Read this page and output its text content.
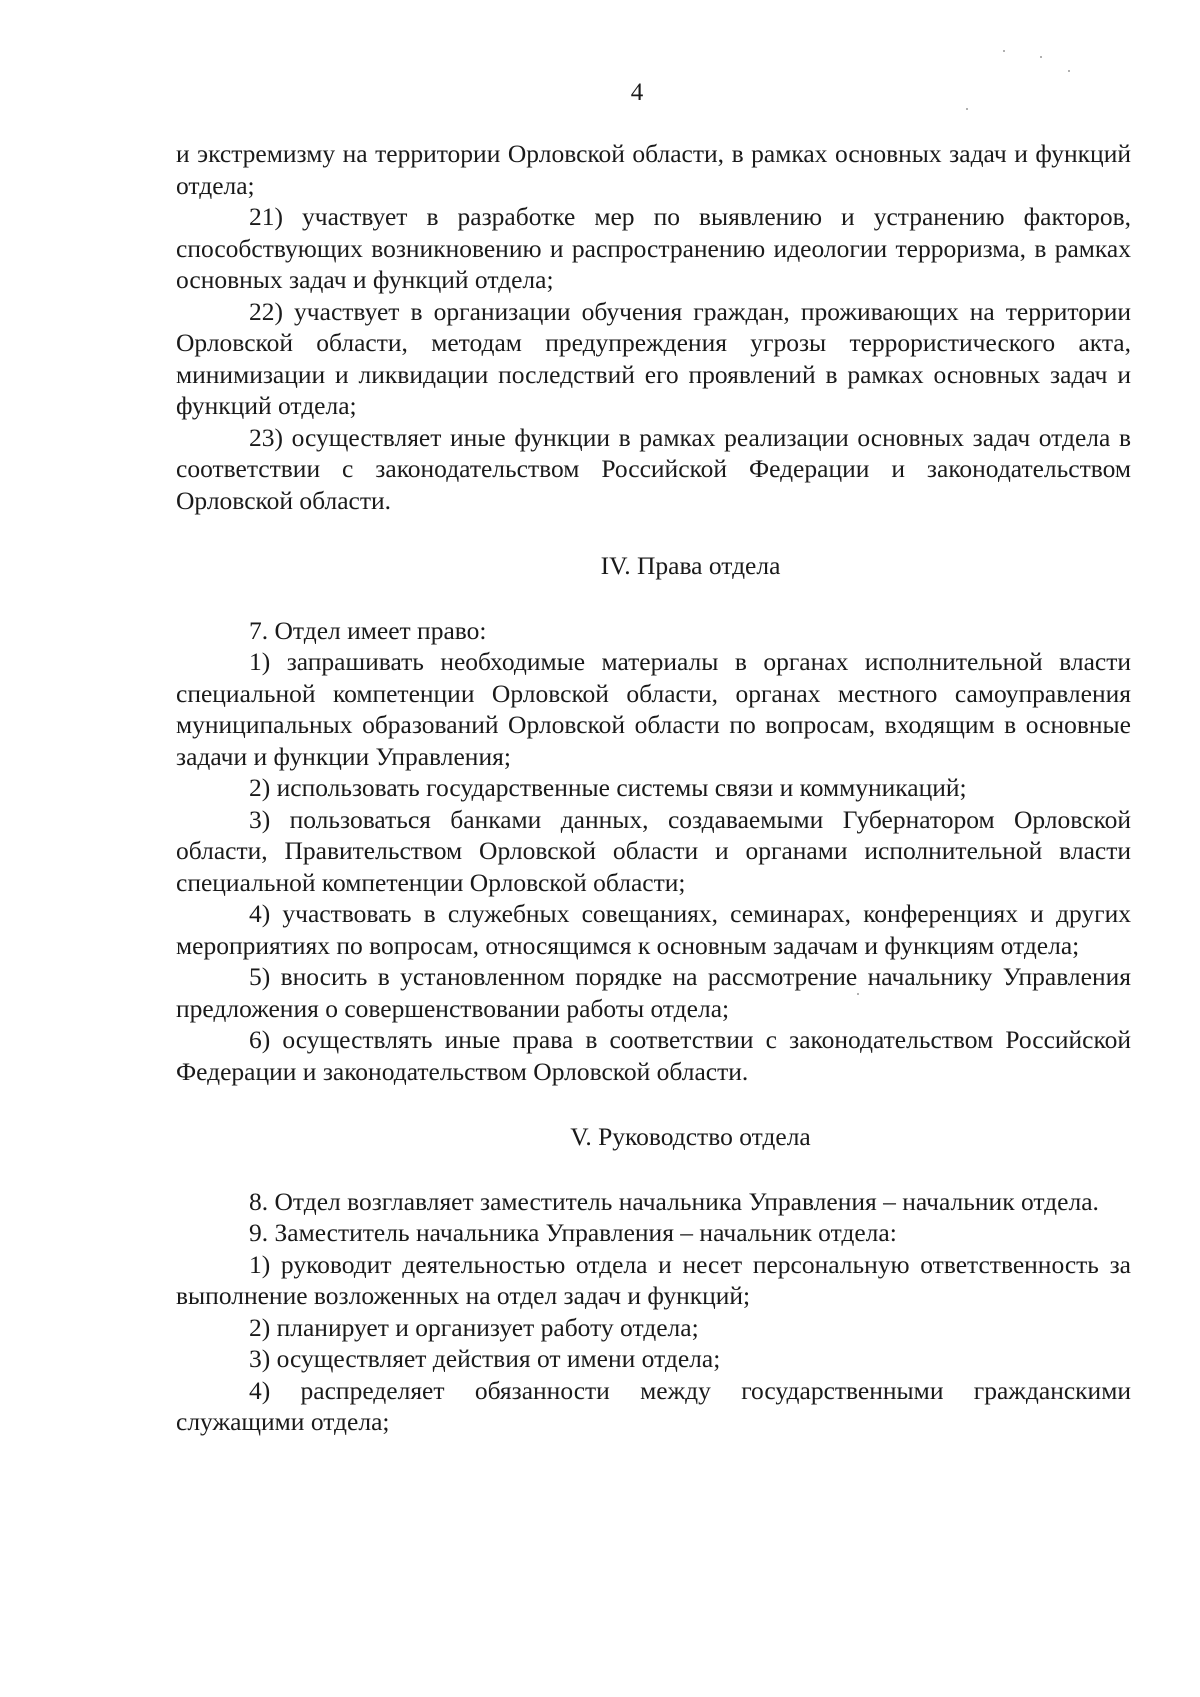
4

и экстремизму на территории Орловской области, в рамках основных задач и функций отдела;

21) участвует в разработке мер по выявлению и устранению факторов, способствующих возникновению и распространению идеологии терроризма, в рамках основных задач и функций отдела;

22) участвует в организации обучения граждан, проживающих на территории Орловской области, методам предупреждения угрозы террористического акта, минимизации и ликвидации последствий его проявлений в рамках основных задач и функций отдела;

23) осуществляет иные функции в рамках реализации основных задач отдела в соответствии с законодательством Российской Федерации и законодательством Орловской области.

IV. Права отдела

7. Отдел имеет право:

1) запрашивать необходимые материалы в органах исполнительной власти специальной компетенции Орловской области, органах местного самоуправления муниципальных образований Орловской области по вопросам, входящим в основные задачи и функции Управления;

2) использовать государственные системы связи и коммуникаций;

3) пользоваться банками данных, создаваемыми Губернатором Орловской области, Правительством Орловской области и органами исполнительной власти специальной компетенции Орловской области;

4) участвовать в служебных совещаниях, семинарах, конференциях и других мероприятиях по вопросам, относящимся к основным задачам и функциям отдела;

5) вносить в установленном порядке на рассмотрение начальнику Управления предложения о совершенствовании работы отдела;

6) осуществлять иные права в соответствии с законодательством Российской Федерации и законодательством Орловской области.

V. Руководство отдела

8. Отдел возглавляет заместитель начальника Управления – начальник отдела.

9. Заместитель начальника Управления – начальник отдела:

1) руководит деятельностью отдела и несет персональную ответственность за выполнение возложенных на отдел задач и функций;

2) планирует и организует работу отдела;

3) осуществляет действия от имени отдела;

4) распределяет обязанности между государственными гражданскими служащими отдела;
